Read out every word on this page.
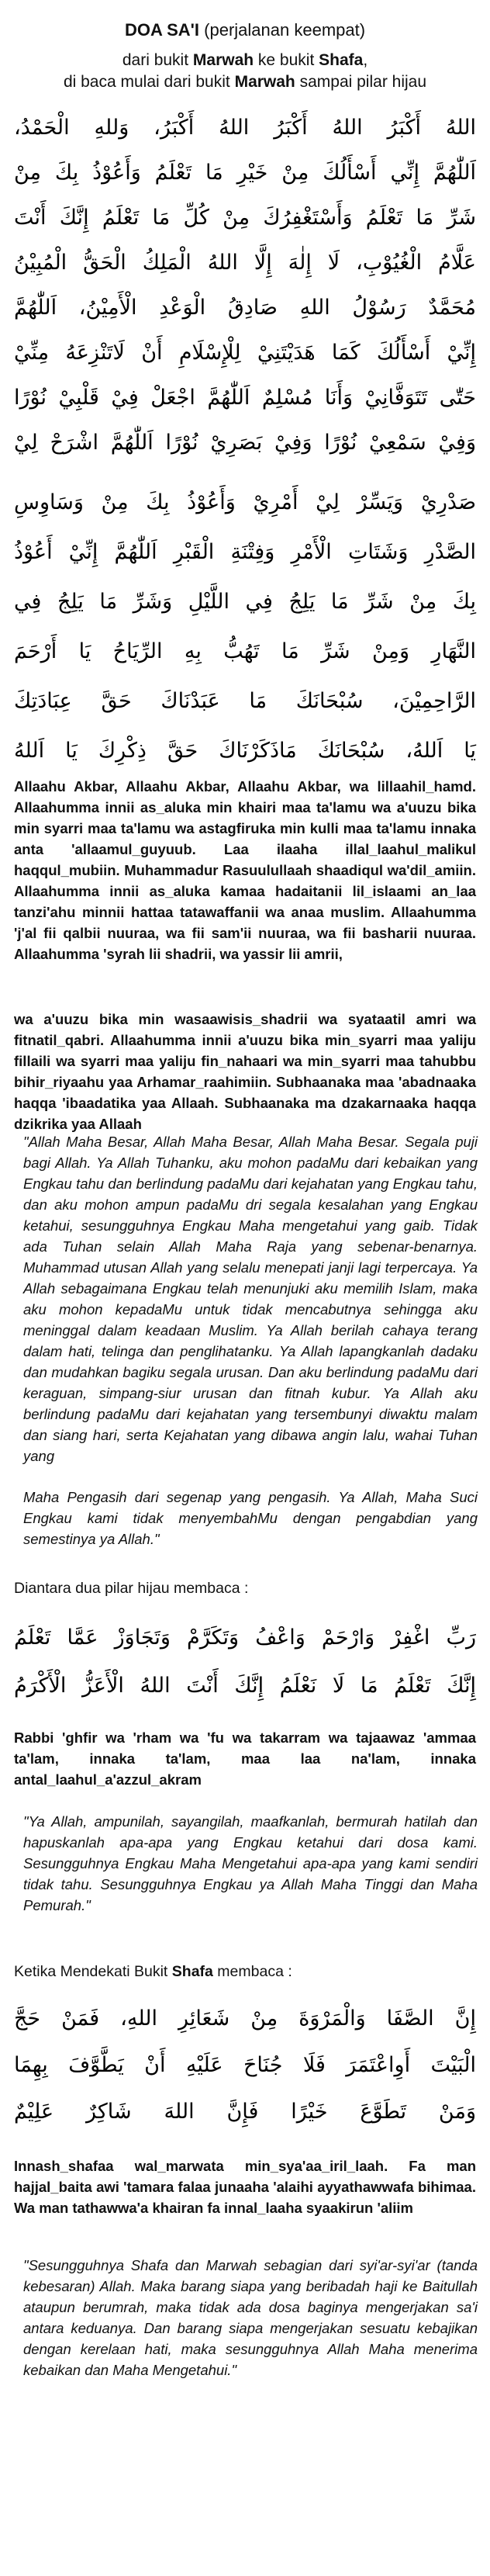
DOA SA'I (perjalanan keempat)
dari bukit Marwah ke bukit Shafa,
di baca mulai dari bukit Marwah sampai pilar hijau
اللهُ أَكْبَرُ اللهُ أَكْبَرُ اللهُ أَكْبَرُ، وَللهِ الْحَمْدُ،
اَللّٰهُمَّ إِنِّي أَسْأَلُكَ مِنْ خَيْرِ مَا تَعْلَمُ وَأَعُوْذُ بِكَ مِنْ
شَرِّ مَا تَعْلَمُ وَأَسْتَغْفِرُكَ مِنْ كُلِّ مَا تَعْلَمُ إِنَّكَ أَنْتَ
عَلَّامُ الْغُيُوْبِ، لَا إِلٰهَ إِلَّا اللهُ الْمَلِكُ الْحَقُّ الْمُبِيْنُ
مُحَمَّدٌ رَسُوْلُ اللهِ صَادِقُ الْوَعْدِ الْأَمِيْنُ، اَللّٰهُمَّ
إِنِّيْ أَسْأَلُكَ كَمَا هَدَيْتَنِيْ لِلْإِسْلَامِ أَنْ لَاتَنْزِعَهُ مِنِّيْ
حَتّٰى تَتَوَفَّانِيْ وَأَنَا مُسْلِمٌ اَللّٰهُمَّ اجْعَلْ فِيْ قَلْبِيْ نُوْرًا
وَفِيْ سَمْعِيْ نُوْرًا وَفِيْ بَصَرِيْ نُوْرًا اَللّٰهُمَّ اشْرَحْ لِيْ
صَدْرِيْ وَيَسِّرْ لِيْ أَمْرِيْ وَأَعُوْذُ بِكَ مِنْ وَسَاوِسِ
الصَّدْرِ وَشَتَاتِ الْأَمْرِ وَفِتْنَةِ الْقَبْرِ اَللّٰهُمَّ إِنِّيْ أَعُوْذُ
بِكَ مِنْ شَرِّ مَا يَلِجُ فِي اللَّيْلِ وَشَرِّ مَا يَلِجُ فِي
النَّهَارِ وَمِنْ شَرِّ مَا تَهُبُّ بِهِ الرِّيَاحُ يَا أَرْحَمَ
الرَّاحِمِيْنَ، سُبْحَانَكَ مَا عَبَدْنَاكَ حَقَّ عِبَادَتِكَ
يَا اَللهُ، سُبْحَانَكَ مَاذَكَرْنَاكَ حَقَّ ذِكْرِكَ يَا اَللهُ
Allaahu Akbar, Allaahu Akbar, Allaahu Akbar, wa lillaahil_hamd. Allaahumma innii as_aluka min khairi maa ta'lamu wa a'uuzu bika min syarri maa ta'lamu wa astagfiruka min kulli maa ta'lamu innaka anta 'allaamul_guyuub. Laa ilaaha illal_laahul_malikul haqqul_mubiin. Muhammadur Rasuulullaah shaadiqul wa'dil_amiin. Allaahumma innii as_aluka kamaa hadaitanii lil_islaami an_laa tanzi'ahu minnii hattaa tatawaffanii wa anaa muslim. Allaahumma 'j'al fii qalbii nuuraa, wa fii sam'ii nuuraa, wa fii basharii nuuraa. Allaahumma 'syrah lii shadrii, wa yassir lii amrii,
wa a'uuzu bika min wasaawisis_shadrii wa syataatil amri wa fitnatil_qabri. Allaahumma innii a'uuzu bika min_syarri maa yaliju fillaili wa syarri maa yaliju fin_nahaari wa min_syarri maa tahubbu bihir_riyaahu yaa Arhamar_raahimiin. Subhaanaka maa 'abadnaaka haqqa 'ibaadatika yaa Allaah. Subhaanaka ma dzakarnaaka haqqa dzikrika yaa Allaah
"Allah Maha Besar, Allah Maha Besar, Allah Maha Besar. Segala puji bagi Allah. Ya Allah Tuhanku, aku mohon padaMu dari kebaikan yang Engkau tahu dan berlindung padaMu dari kejahatan yang Engkau tahu, dan aku mohon ampun padaMu dri segala kesalahan yang Engkau ketahui, sesungguhnya Engkau Maha mengetahui yang gaib. Tidak ada Tuhan selain Allah Maha Raja yang sebenar-benarnya. Muhammad utusan Allah yang selalu menepati janji lagi terpercaya. Ya Allah sebagaimana Engkau telah menunjuki aku memilih Islam, maka aku mohon kepadaMu untuk tidak mencabutnya sehingga aku meninggal dalam keadaan Muslim. Ya Allah berilah cahaya terang dalam hati, telinga dan penglihatanku. Ya Allah lapangkanlah dadaku dan mudahkan bagiku segala urusan. Dan aku berlindung padaMu dari keraguan, simpang-siur urusan dan fitnah kubur. Ya Allah aku berlindung padaMu dari kejahatan yang tersembunyi diwaktu malam dan siang hari, serta Kejahatan yang dibawa angin lalu, wahai Tuhan yang
Maha Pengasih dari segenap yang pengasih. Ya Allah, Maha Suci Engkau kami tidak menyembahMu dengan pengabdian yang semestinya ya Allah."
Diantara dua pilar hijau membaca :
رَبِّ اغْفِرْ وَارْحَمْ وَاعْفُ وَتَكَرَّمْ وَتَجَاوَزْ عَمَّا تَعْلَمُ
إِنَّكَ تَعْلَمُ مَا لَا نَعْلَمُ إِنَّكَ أَنْتَ اللهُ الْأَعَزُّ الْأَكْرَمُ
Rabbi 'ghfir wa 'rham wa 'fu wa takarram wa tajaawaz 'ammaa ta'lam, innaka ta'lam, maa laa na'lam, innaka antal_laahul_a'azzul_akram
"Ya Allah, ampunilah, sayangilah, maafkanlah, bermurah hatilah dan hapuskanlah apa-apa yang Engkau ketahui dari dosa kami. Sesungguhnya Engkau Maha Mengetahui apa-apa yang kami sendiri tidak tahu. Sesungguhnya Engkau ya Allah Maha Tinggi dan Maha Pemurah."
Ketika Mendekati Bukit Shafa membaca :
إِنَّ الصَّفَا وَالْمَرْوَةَ مِنْ شَعَائِرِ اللهِ، فَمَنْ حَجَّ
الْبَيْتَ أَوِاعْتَمَرَ فَلَا جُنَاحَ عَلَيْهِ أَنْ يَطَّوَّفَ بِهِمَا
وَمَنْ تَطَوَّعَ خَيْرًا فَإِنَّ اللهَ شَاكِرٌ عَلِيْمٌ
Innash_shafaa wal_marwata min_sya'aa_iril_laah. Fa man hajjal_baita awi 'tamara falaa junaaha 'alaihi ayyathawwafa bihimaa. Wa man tathawwa'a khairan fa innal_laaha syaakirun 'aliim
"Sesungguhnya Shafa dan Marwah sebagian dari syi'ar-syi'ar (tanda kebesaran) Allah. Maka barang siapa yang beribadah haji ke Baitullah ataupun berumrah, maka tidak ada dosa baginya mengerjakan sa'i antara keduanya. Dan barang siapa mengerjakan sesuatu kebajikan dengan kerelaan hati, maka sesungguhnya Allah Maha menerima kebaikan dan Maha Mengetahui."
